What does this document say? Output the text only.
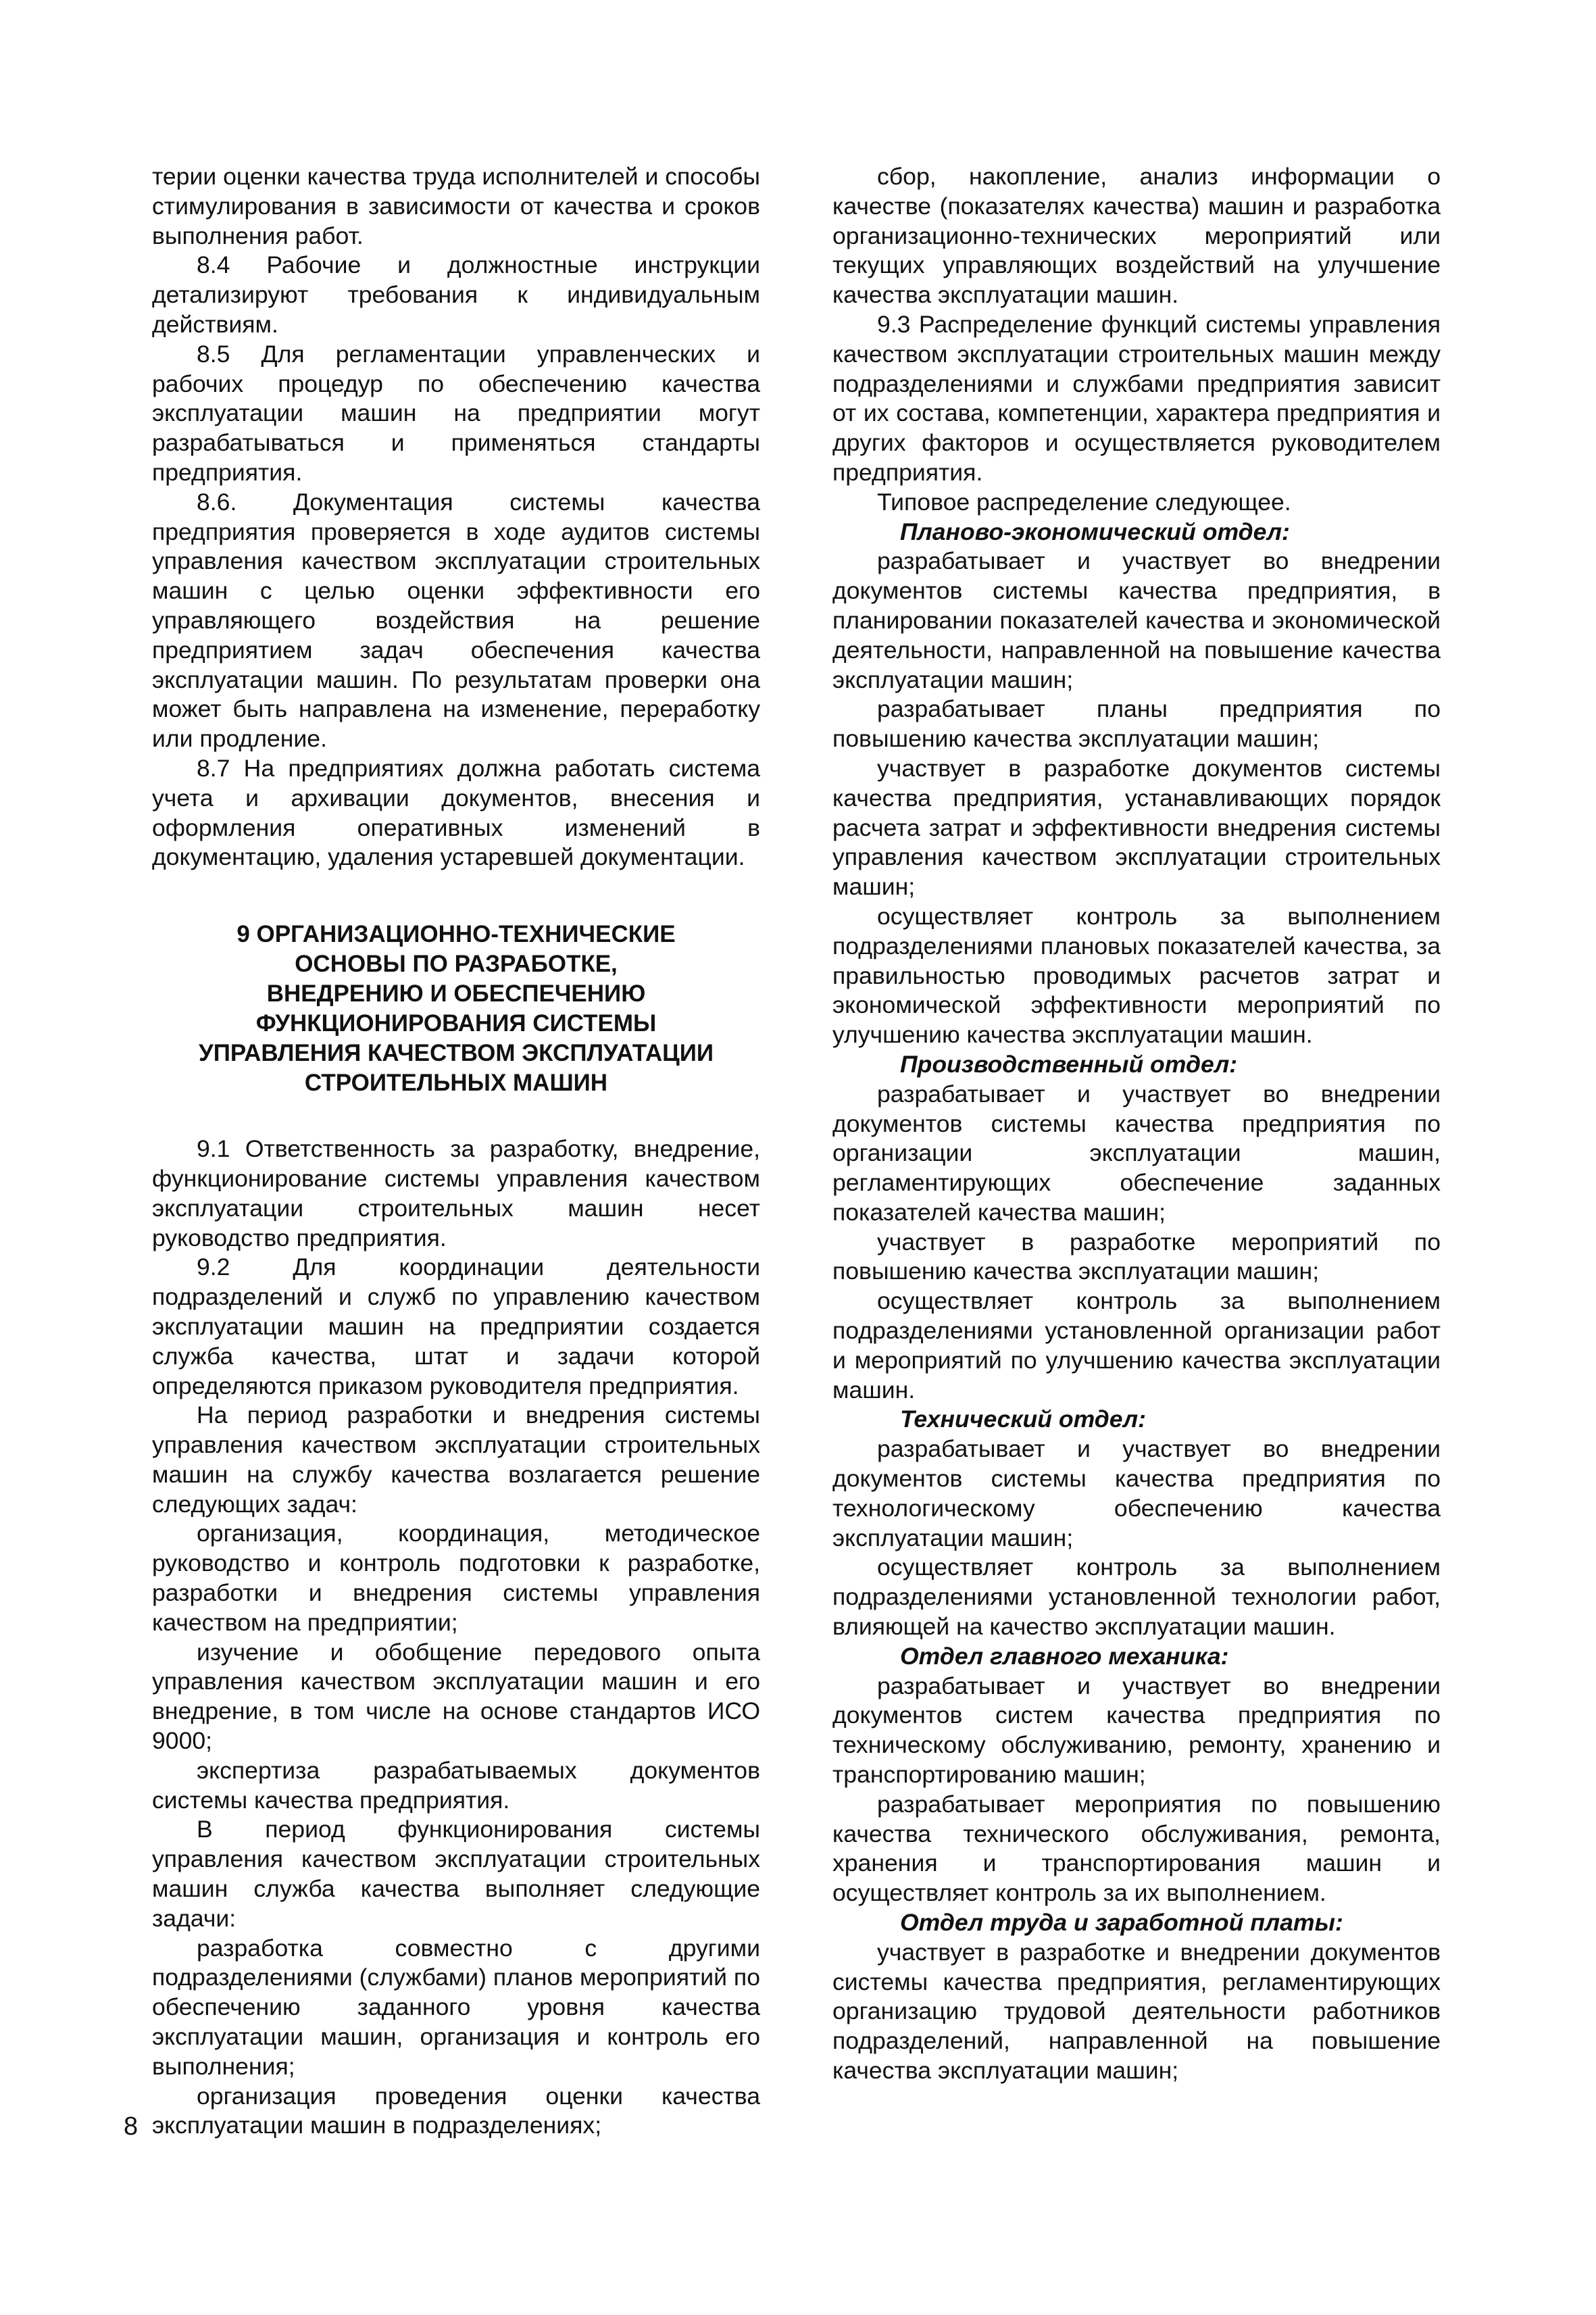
терии оценки качества труда исполнителей и способы стимулирования в зависимости от качества и сроков выполнения работ.

8.4 Рабочие и должностные инструкции детализируют требования к индивидуальным действиям.

8.5 Для регламентации управленческих и рабочих процедур по обеспечению качества эксплуатации машин на предприятии могут разрабатываться и применяться стандарты предприятия.

8.6. Документация системы качества предприятия проверяется в ходе аудитов системы управления качеством эксплуатации строительных машин с целью оценки эффективности его управляющего воздействия на решение предприятием задач обеспечения качества эксплуатации машин. По результатам проверки она может быть направлена на изменение, переработку или продление.

8.7 На предприятиях должна работать система учета и архивации документов, внесения и оформления оперативных изменений в документацию, удаления устаревшей документации.

9 ОРГАНИЗАЦИОННО-ТЕХНИЧЕСКИЕ
ОСНОВЫ ПО РАЗРАБОТКЕ,
ВНЕДРЕНИЮ И ОБЕСПЕЧЕНИЮ
ФУНКЦИОНИРОВАНИЯ СИСТЕМЫ
УПРАВЛЕНИЯ КАЧЕСТВОМ ЭКСПЛУАТАЦИИ
СТРОИТЕЛЬНЫХ МАШИН

9.1 Ответственность за разработку, внедрение, функционирование системы управления качеством эксплуатации строительных машин несет руководство предприятия.

9.2 Для координации деятельности подразделений и служб по управлению качеством эксплуатации машин на предприятии создается служба качества, штат и задачи которой определяются приказом руководителя предприятия.

На период разработки и внедрения системы управления качеством эксплуатации строительных машин на службу качества возлагается решение следующих задач:

организация, координация, методическое руководство и контроль подготовки к разработке, разработки и внедрения системы управления качеством на предприятии;

изучение и обобщение передового опыта управления качеством эксплуатации машин и его внедрение, в том числе на основе стандартов ИСО 9000;

экспертиза разрабатываемых документов системы качества предприятия.

В период функционирования системы управления качеством эксплуатации строительных машин служба качества выполняет следующие задачи:

разработка совместно с другими подразделениями (службами) планов мероприятий по обеспечению заданного уровня качества эксплуатации машин, организация и контроль его выполнения;

организация проведения оценки качества эксплуатации машин в подразделениях;

сбор, накопление, анализ информации о качестве (показателях качества) машин и разработка организационно-технических мероприятий или текущих управляющих воздействий на улучшение качества эксплуатации машин.

9.3 Распределение функций системы управления качеством эксплуатации строительных машин между подразделениями и службами предприятия зависит от их состава, компетенции, характера предприятия и других факторов и осуществляется руководителем предприятия.

Типовое распределение следующее.

Планово-экономический отдел:

разрабатывает и участвует во внедрении документов системы качества предприятия, в планировании показателей качества и экономической деятельности, направленной на повышение качества эксплуатации машин;

разрабатывает планы предприятия по повышению качества эксплуатации машин;

участвует в разработке документов системы качества предприятия, устанавливающих порядок расчета затрат и эффективности внедрения системы управления качеством эксплуатации строительных машин;

осуществляет контроль за выполнением подразделениями плановых показателей качества, за правильностью проводимых расчетов затрат и экономической эффективности мероприятий по улучшению качества эксплуатации машин.

Производственный отдел:

разрабатывает и участвует во внедрении документов системы качества предприятия по организации эксплуатации машин, регламентирующих обеспечение заданных показателей качества машин;

участвует в разработке мероприятий по повышению качества эксплуатации машин;

осуществляет контроль за выполнением подразделениями установленной организации работ и мероприятий по улучшению качества эксплуатации машин.

Технический отдел:

разрабатывает и участвует во внедрении документов системы качества предприятия по технологическому обеспечению качества эксплуатации машин;

осуществляет контроль за выполнением подразделениями установленной технологии работ, влияющей на качество эксплуатации машин.

Отдел главного механика:

разрабатывает и участвует во внедрении документов систем качества предприятия по техническому обслуживанию, ремонту, хранению и транспортированию машин;

разрабатывает мероприятия по повышению качества технического обслуживания, ремонта, хранения и транспортирования машин и осуществляет контроль за их выполнением.

Отдел труда и заработной платы:

участвует в разработке и внедрении документов системы качества предприятия, регламентирующих организацию трудовой деятельности работников подразделений, направленной на повышение качества эксплуатации машин;

8
